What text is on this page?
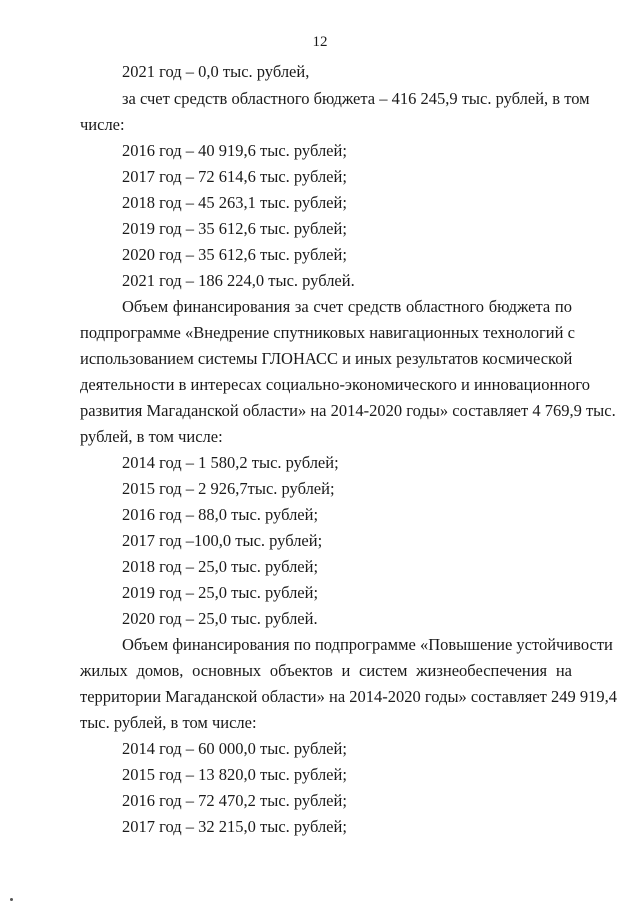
12
2021 год – 0,0 тыс. рублей,
за счет средств областного бюджета – 416 245,9 тыс. рублей, в том
числе:
2016 год – 40 919,6 тыс. рублей;
2017 год – 72 614,6 тыс. рублей;
2018 год – 45 263,1 тыс. рублей;
2019 год – 35 612,6 тыс. рублей;
2020 год – 35 612,6 тыс. рублей;
2021 год – 186 224,0 тыс. рублей.
Объем финансирования за счет средств областного бюджета по
подпрограмме «Внедрение спутниковых навигационных технологий с
использованием системы ГЛОНАСС и иных результатов космической
деятельности в интересах социально-экономического и инновационного
развития Магаданской области» на 2014-2020 годы» составляет 4 769,9 тыс.
рублей, в том числе:
2014 год – 1 580,2 тыс. рублей;
2015 год – 2 926,7тыс. рублей;
2016 год – 88,0 тыс. рублей;
2017 год –100,0 тыс. рублей;
2018 год – 25,0 тыс. рублей;
2019 год – 25,0 тыс. рублей;
2020 год – 25,0 тыс. рублей.
Объем финансирования по подпрограмме «Повышение устойчивости
жилых домов, основных объектов и систем жизнеобеспечения на
территории Магаданской области» на 2014-2020 годы» составляет 249 919,4
тыс. рублей, в том числе:
2014 год – 60 000,0 тыс. рублей;
2015 год – 13 820,0 тыс. рублей;
2016 год – 72 470,2 тыс. рублей;
2017 год – 32 215,0 тыс. рублей;
